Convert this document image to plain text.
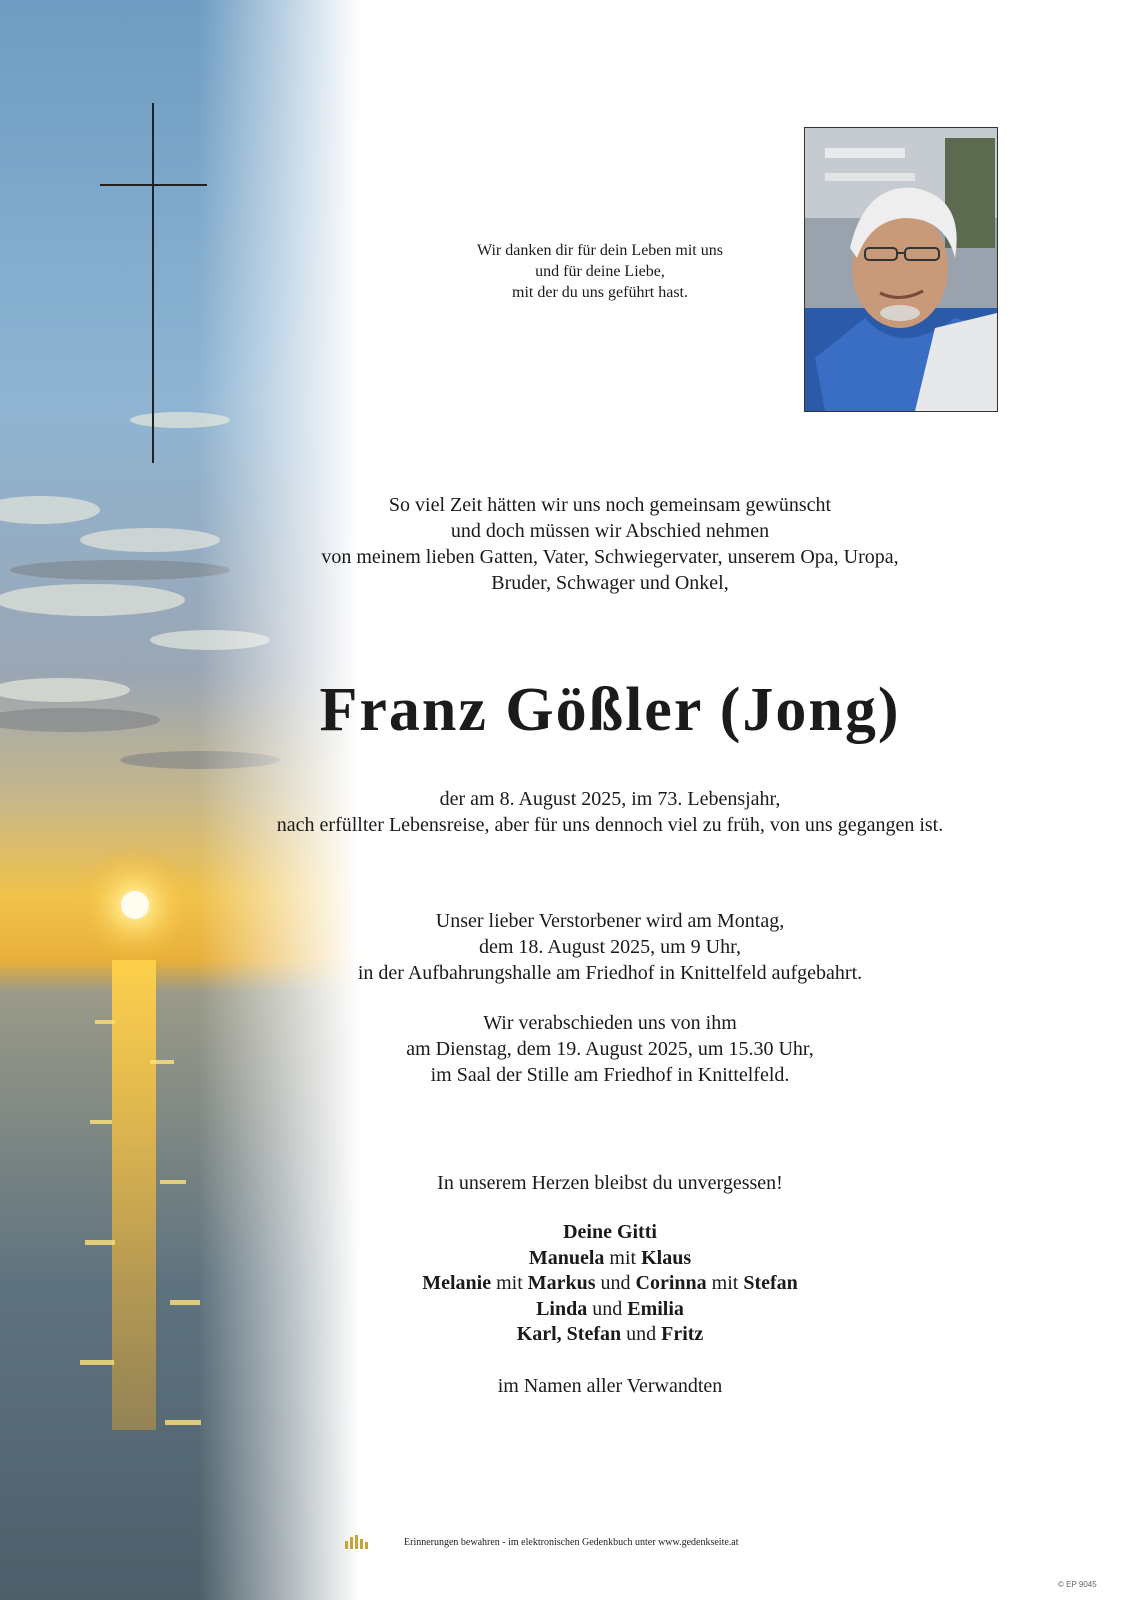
Wir danken dir für dein Leben mit uns
und für deine Liebe,
mit der du uns geführt hast.
So viel Zeit hätten wir uns noch gemeinsam gewünscht
und doch müssen wir Abschied nehmen
von meinem lieben Gatten, Vater, Schwiegervater, unserem Opa, Uropa,
Bruder, Schwager und Onkel,
Franz Gößler (Jong)
der am 8. August 2025, im 73. Lebensjahr,
nach erfüllter Lebensreise, aber für uns dennoch viel zu früh, von uns gegangen ist.
Unser lieber Verstorbener wird am Montag,
dem 18. August 2025, um 9 Uhr,
in der Aufbahrungshalle am Friedhof in Knittelfeld aufgebahrt.
Wir verabschieden uns von ihm
am Dienstag, dem 19. August 2025, um 15.30 Uhr,
im Saal der Stille am Friedhof in Knittelfeld.
In unserem Herzen bleibst du unvergessen!
Deine Gitti
Manuela mit Klaus
Melanie mit Markus und Corinna mit Stefan
Linda und Emilia
Karl, Stefan und Fritz
im Namen aller Verwandten
Erinnerungen bewahren - im elektronischen Gedenkbuch unter www.gedenkseite.at
© EP 9045
